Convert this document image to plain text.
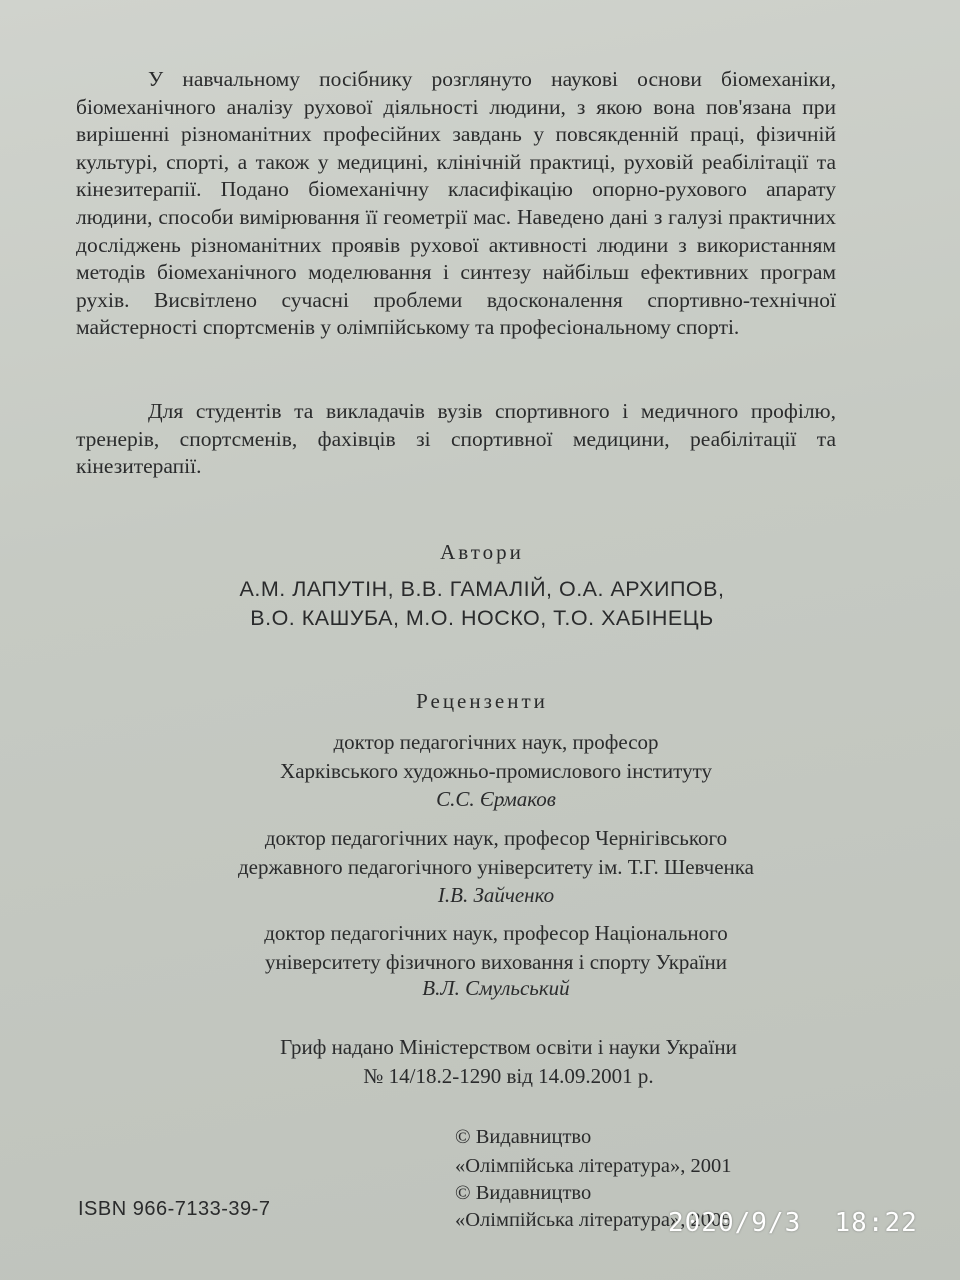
У навчальному посібнику розглянуто наукові основи біомеханіки, біомеханічного аналізу рухової діяльності людини, з якою вона пов'язана при вирішенні різноманітних професійних завдань у повсякденній праці, фізичній культурі, спорті, а також у медицині, клінічній практиці, руховій реабілітації та кінезитерапії. Подано біомеханічну класифікацію опорно-рухового апарату людини, способи вимірювання її геометрії мас. Наведено дані з галузі практичних досліджень різноманітних проявів рухової активності людини з використанням методів біомеханічного моделювання і синтезу найбільш ефективних програм рухів. Висвітлено сучасні проблеми вдосконалення спортивно-технічної майстерності спортсменів у олімпійському та професіональному спорті.

Для студентів та викладачів вузів спортивного і медичного профілю, тренерів, спортсменів, фахівців зі спортивної медицини, реабілітації та кінезитерапії.

Автори
А.М. ЛАПУТІН, В.В. ГАМАЛІЙ, О.А. АРХИПОВ,
В.О. КАШУБА, М.О. НОСКО, Т.О. ХАБІНЕЦЬ
Рецензенти
доктор педагогічних наук, професор
Харківського художньо-промислового інституту
С.С. Єрмаков
доктор педагогічних наук, професор Чернігівського
державного педагогічного університету ім. Т.Г. Шевченка
І.В. Зайченко
доктор педагогічних наук, професор Національного
університету фізичного виховання і спорту України
В.Л. Смульський
Гриф надано Міністерством освіти і науки України
№ 14/18.2-1290 від 14.09.2001 р.
© Видавництво
«Олімпійська література», 2001
© Видавництво
«Олімпійська література», 2005
ISBN 966-7133-39-7	2020/9/3  18:22
